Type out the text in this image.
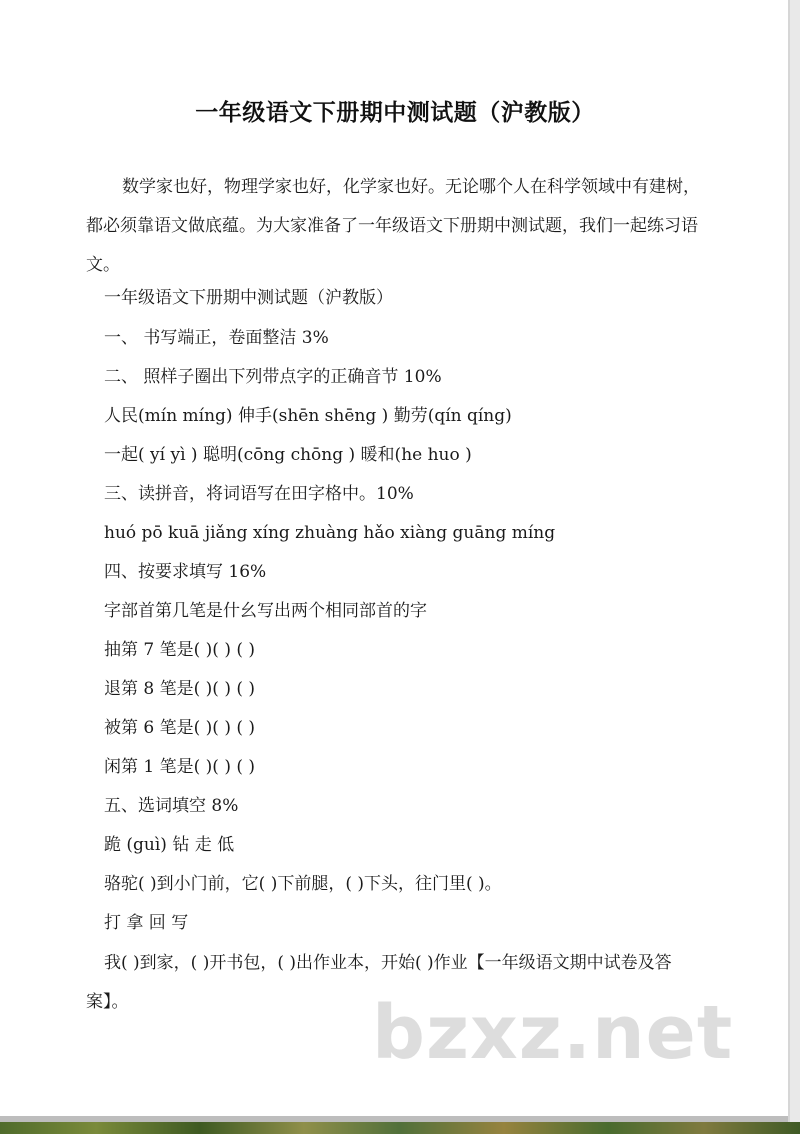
一年级语文下册期中测试题（沪教版）

数学家也好，物理学家也好，化学家也好。无论哪个人在科学领域中有建树，都必须靠语文做底蕴。为大家准备了一年级语文下册期中测试题，我们一起练习语文。

一年级语文下册期中测试题（沪教版）

一、 书写端正，卷面整洁 3%

二、 照样子圈出下列带点字的正确音节 10%

人民(mín míng) 伸手(shēn shēng ) 勤劳(qín qíng)

一起( yí yì ) 聪明(cōng chōng ) 暖和(he huo )

三、读拼音，将词语写在田字格中。10%

huó pō kuā jiǎng xíng zhuàng hǎo xiàng guāng míng

四、按要求填写 16%

字部首第几笔是什幺写出两个相同部首的字

抽第 7 笔是( )( ) ( )

退第 8 笔是( )( ) ( )

被第 6 笔是( )( ) ( )

闲第 1 笔是( )( ) ( )

五、选词填空 8%

跪 (guì) 钻 走 低

骆驼( )到小门前，它( )下前腿，( )下头，往门里( )。

打 拿 回 写

我( )到家，( )开书包，( )出作业本，开始( )作业【一年级语文期中试卷及答案】。	bzxz.net
